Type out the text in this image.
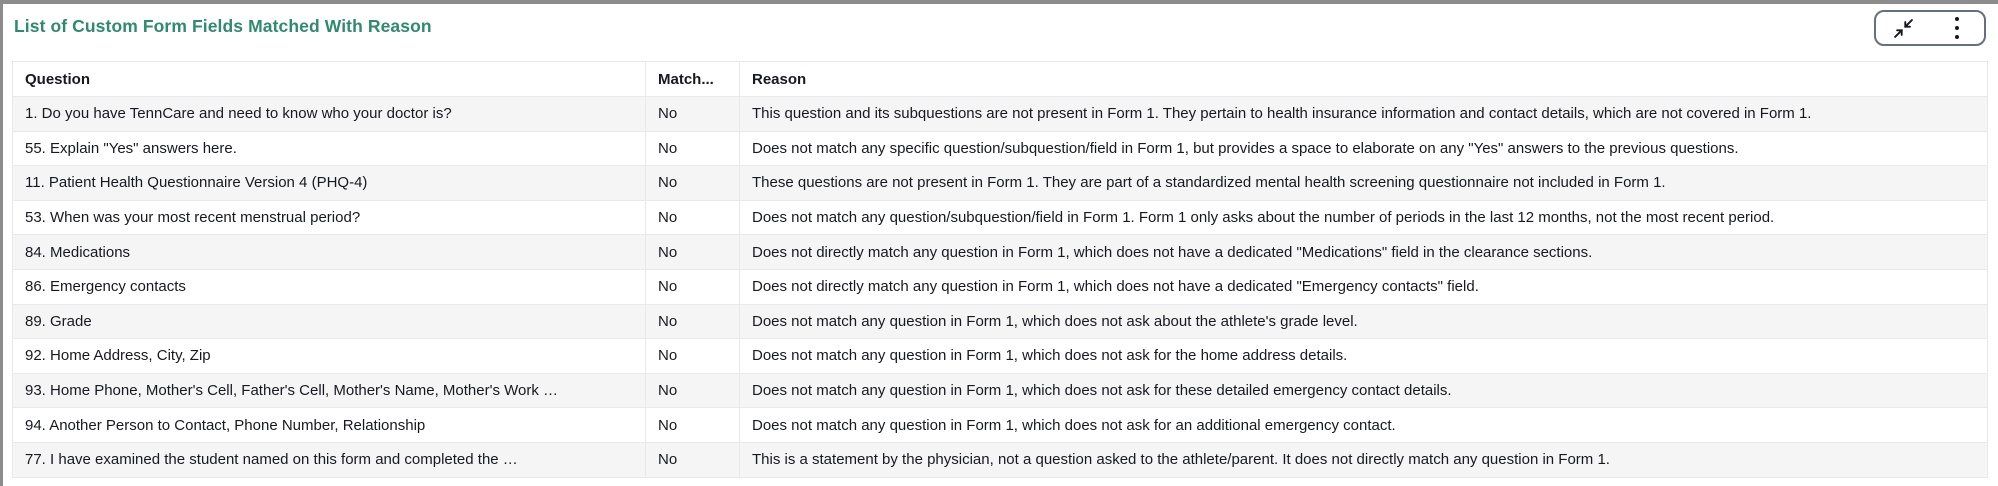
List of Custom Form Fields Matched With Reason
Question	Match...	Reason
1. Do you have TennCare and need to know who your doctor is?	No	This question and its subquestions are not present in Form 1. They pertain to health insurance information and contact details, which are not covered in Form 1.
55. Explain "Yes" answers here.	No	Does not match any specific question/subquestion/field in Form 1, but provides a space to elaborate on any "Yes" answers to the previous questions.
11. Patient Health Questionnaire Version 4 (PHQ-4)	No	These questions are not present in Form 1. They are part of a standardized mental health screening questionnaire not included in Form 1.
53. When was your most recent menstrual period?	No	Does not match any question/subquestion/field in Form 1. Form 1 only asks about the number of periods in the last 12 months, not the most recent period.
84. Medications	No	Does not directly match any question in Form 1, which does not have a dedicated "Medications" field in the clearance sections.
86. Emergency contacts	No	Does not directly match any question in Form 1, which does not have a dedicated "Emergency contacts" field.
89. Grade	No	Does not match any question in Form 1, which does not ask about the athlete's grade level.
92. Home Address, City, Zip	No	Does not match any question in Form 1, which does not ask for the home address details.
93. Home Phone, Mother's Cell, Father's Cell, Mother's Name, Mother's Work …	No	Does not match any question in Form 1, which does not ask for these detailed emergency contact details.
94. Another Person to Contact, Phone Number, Relationship	No	Does not match any question in Form 1, which does not ask for an additional emergency contact.
77. I have examined the student named on this form and completed the …	No	This is a statement by the physician, not a question asked to the athlete/parent. It does not directly match any question in Form 1.
